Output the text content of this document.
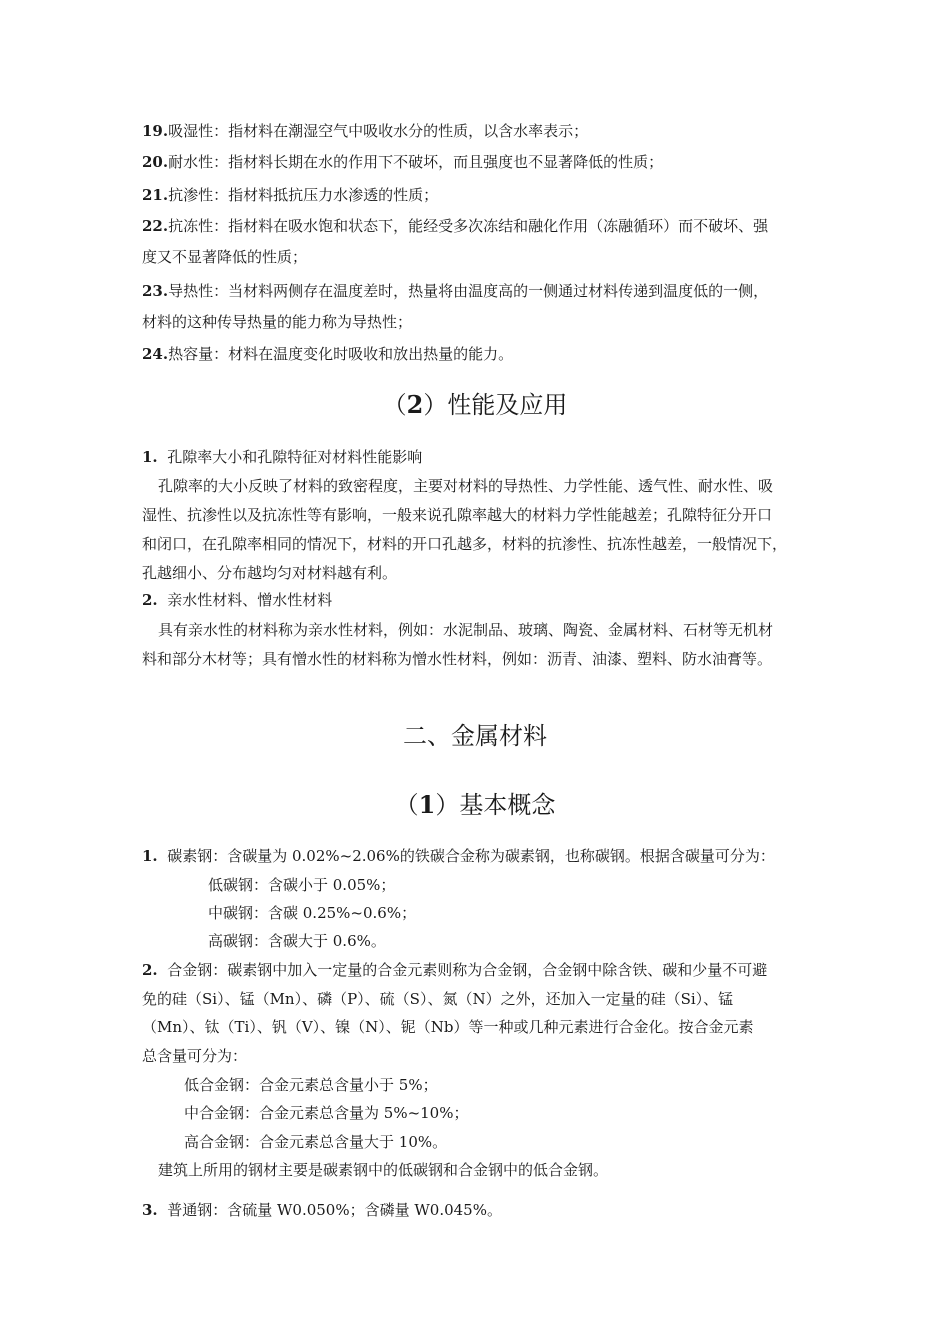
19.吸湿性：指材料在潮湿空气中吸收水分的性质，以含水率表示；
20.耐水性：指材料长期在水的作用下不破坏，而且强度也不显著降低的性质；
21.抗渗性：指材料抵抗压力水渗透的性质；
22.抗冻性：指材料在吸水饱和状态下，能经受多次冻结和融化作用（冻融循环）而不破坏、强
度又不显著降低的性质；
23.导热性：当材料两侧存在温度差时，热量将由温度高的一侧通过材料传递到温度低的一侧，
材料的这种传导热量的能力称为导热性；
24.热容量：材料在温度变化时吸收和放出热量的能力。
（2）性能及应用
1. 孔隙率大小和孔隙特征对材料性能影响
孔隙率的大小反映了材料的致密程度，主要对材料的导热性、力学性能、透气性、耐水性、吸
湿性、抗渗性以及抗冻性等有影响，一般来说孔隙率越大的材料力学性能越差；孔隙特征分开口
和闭口，在孔隙率相同的情况下，材料的开口孔越多，材料的抗渗性、抗冻性越差，一般情况下，
孔越细小、分布越均匀对材料越有利。
2. 亲水性材料、憎水性材料
具有亲水性的材料称为亲水性材料，例如：水泥制品、玻璃、陶瓷、金属材料、石材等无机材
料和部分木材等；具有憎水性的材料称为憎水性材料，例如：沥青、油漆、塑料、防水油膏等。
二、金属材料
（1）基本概念
1. 碳素钢：含碳量为 0.02%~2.06%的铁碳合金称为碳素钢，也称碳钢。根据含碳量可分为：
低碳钢：含碳小于 0.05%；
中碳钢：含碳 0.25%~0.6%；
高碳钢：含碳大于 0.6%。
2. 合金钢：碳素钢中加入一定量的合金元素则称为合金钢，合金钢中除含铁、碳和少量不可避
免的硅（Si）、锰（Mn）、磷（P）、硫（S）、氮（N）之外，还加入一定量的硅（Si）、锰
（Mn）、钛（Ti）、钒（V）、镍（N）、铌（Nb）等一种或几种元素进行合金化。按合金元素
总含量可分为：
低合金钢：合金元素总含量小于 5%；
中合金钢：合金元素总含量为 5%~10%；
高合金钢：合金元素总含量大于 10%。
建筑上所用的钢材主要是碳素钢中的低碳钢和合金钢中的低合金钢。
3. 普通钢：含硫量 W0.050%；含磷量 W0.045%。
